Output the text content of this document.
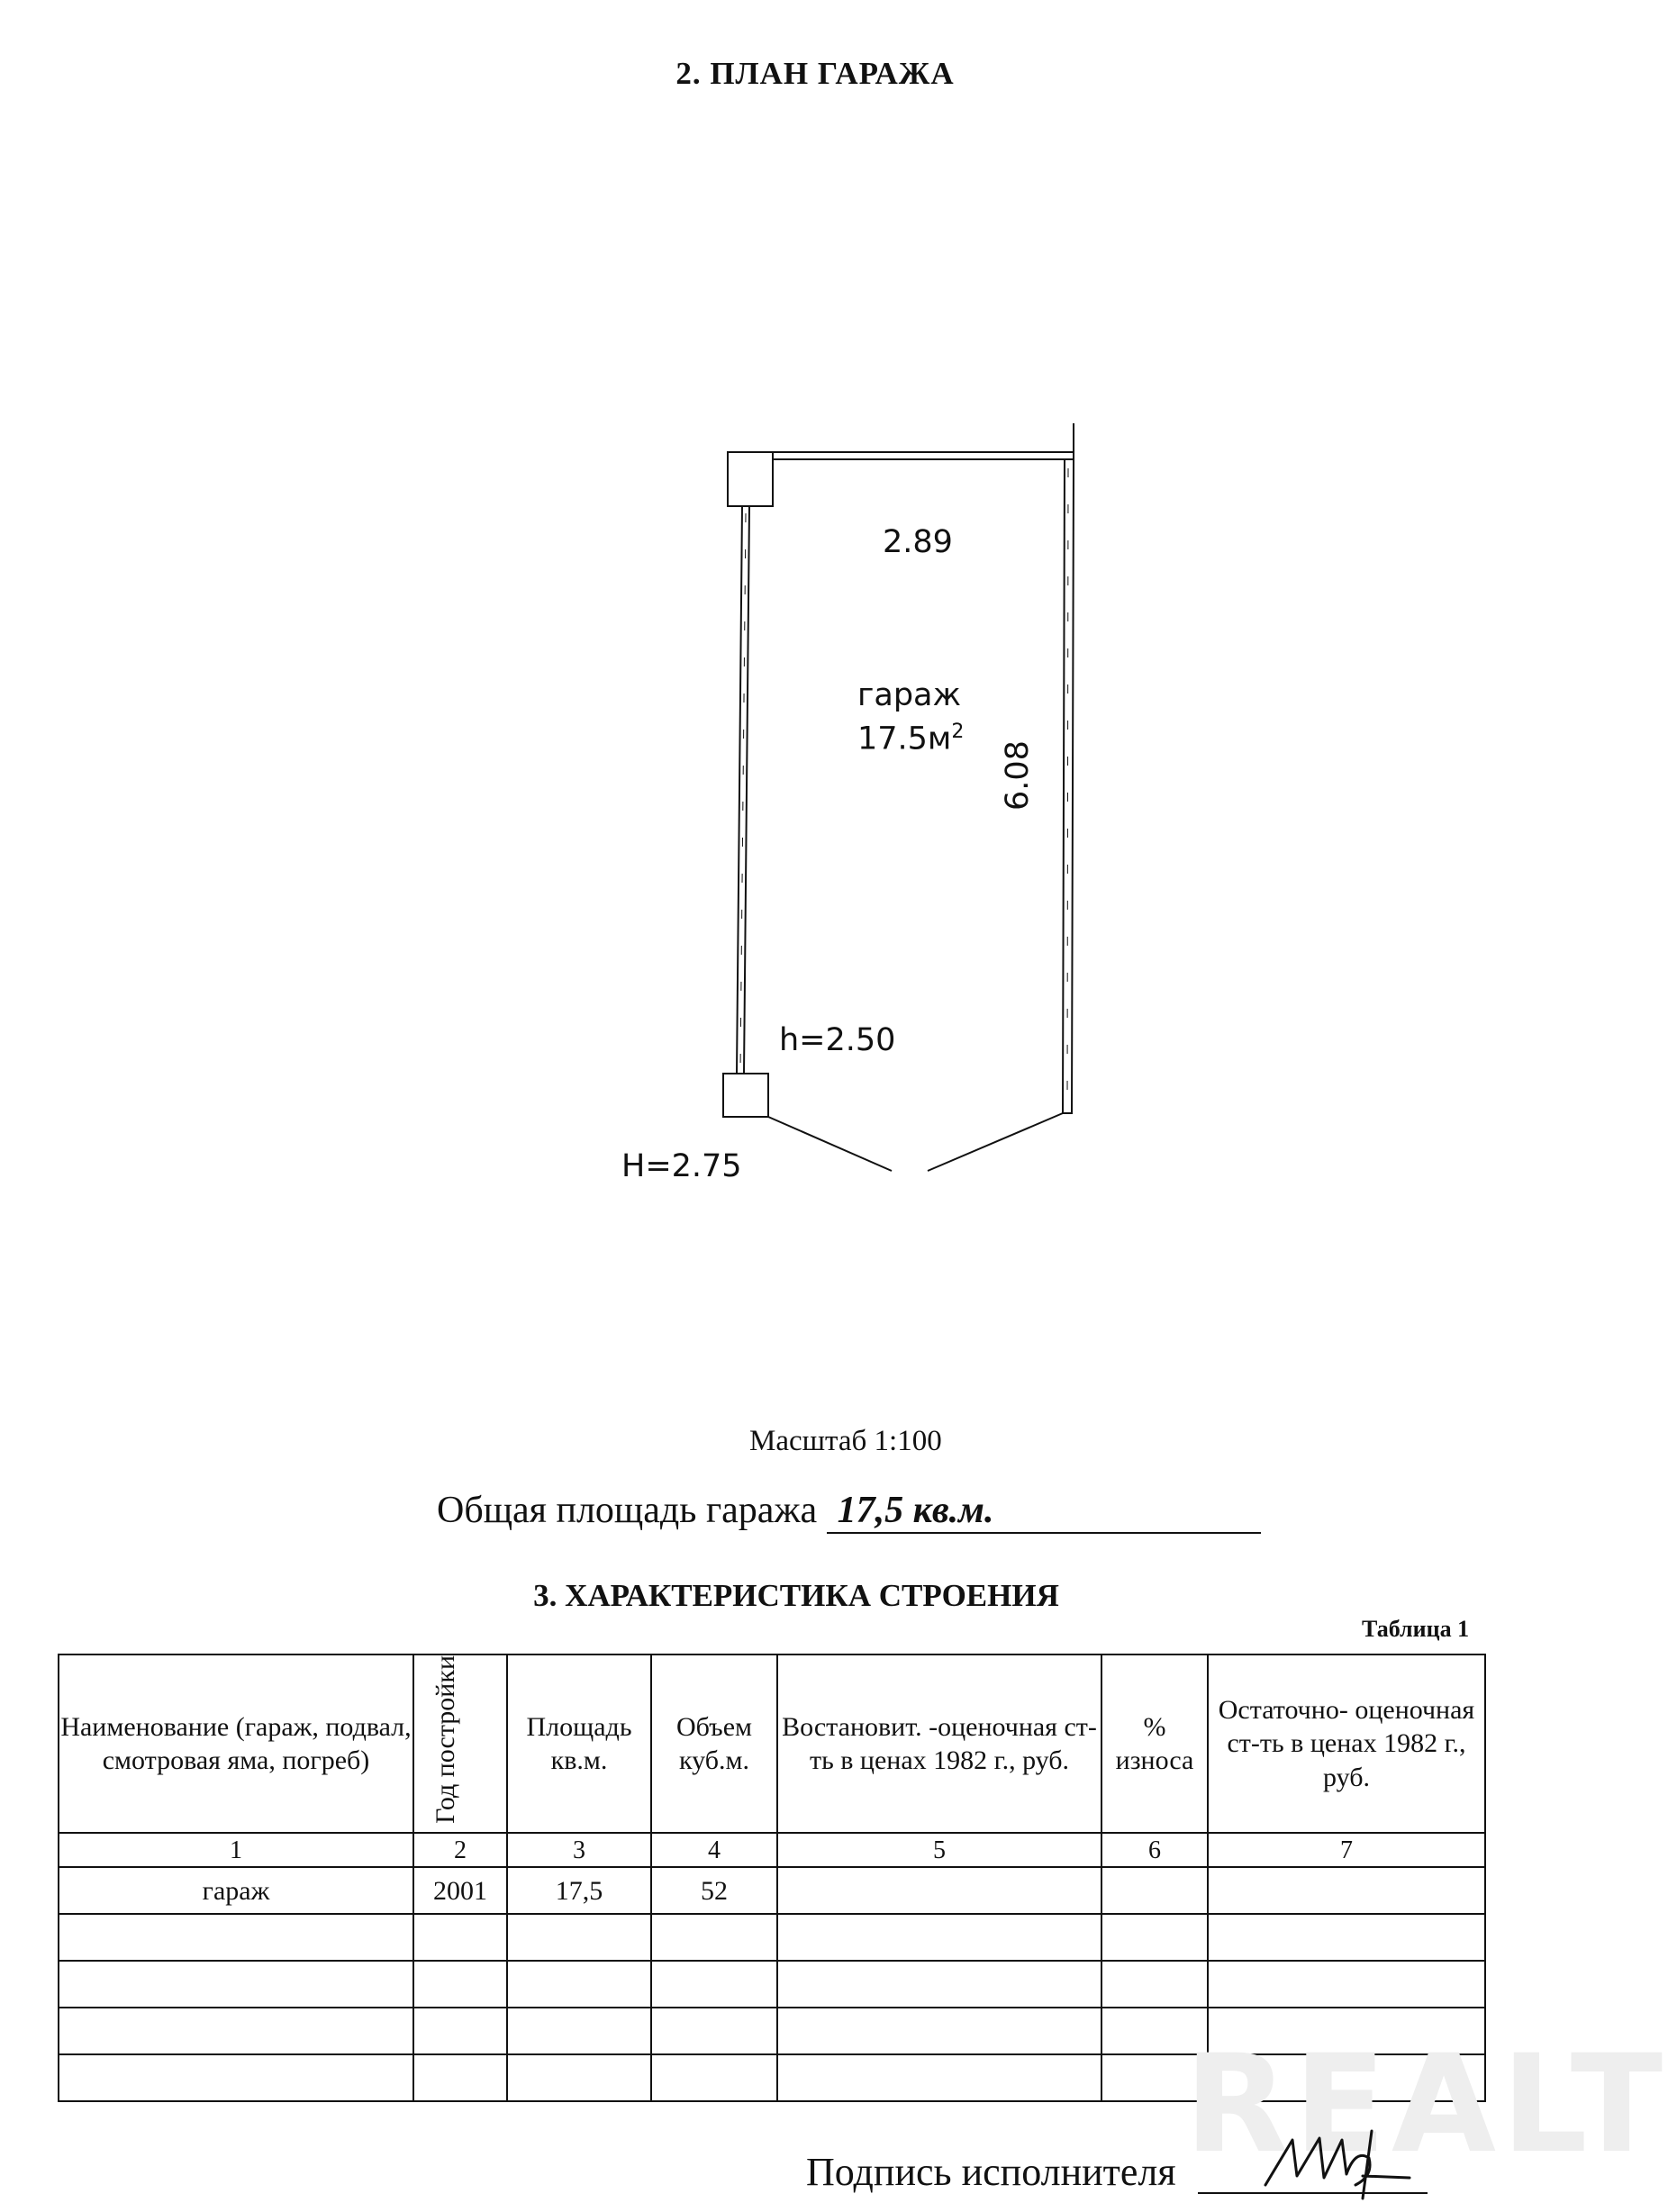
2. ПЛАН ГАРАЖА
2.89
гараж
$17.5м^2$
6.08
h=2.50
H=2.75
Масштаб 1:100
Общая площадь гаража 17,5 кв.м.
3. ХАРАКТЕРИСТИКА СТРОЕНИЯ
Таблица 1
Наименование (гараж, подвал, смотровая яма, погреб)	Год постройки	Площадь кв.м.	Объем куб.м.	Востановит. -оценочная ст-ть в ценах 1982 г., руб.	% износа	Остаточно- оценочная ст-ть в ценах 1982 г., руб.
1	2	3	4	5	6	7
гараж	2001	17,5	52			

REALT
Подпись исполнителя
